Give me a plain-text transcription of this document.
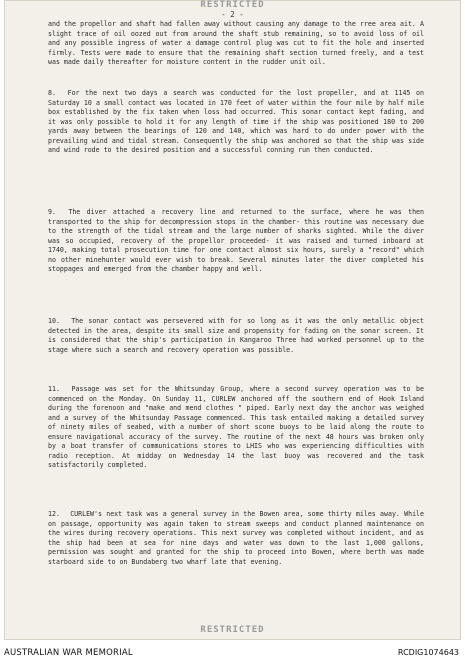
RESTRICTED
- 2 -
and the propellor and shaft had fallen away without causing any damage to the rree area ait. A slight trace of oil oozed out from around the shaft stub remaining, so to avoid loss of oil and any possible ingress of water a damage control plug was cut to fit the hole and inserted firmly. Tests were made to ensure that the remaining shaft section turned freely, and a test was made daily thereafter for moisture content in the rudder unit oil.
8. For the next two days a search was conducted for the lost propeller, and at 1145 on Saturday 10 a small contact was located in 170 feet of water within the four mile by half mile box established by the fix taken when loss had occurred. This sonar contact kept fading, and it was only possible to hold it for any length of time if the ship was positioned 180 to 200 yards away between the bearings of 120 and 140, which was hard to do under power with the prevailing wind and tidal stream. Consequently the ship was anchored so that the ship was side and wind rode to the desired position and a successful conning run then conducted.
9. The diver attached a recovery line and returned to the surface, where he was then transported to the ship for decompression stops in the chamber- this routine was necessary due to the strength of the tidal stream and the large number of sharks sighted. While the diver was so occupied, recovery of the propellor proceeded- it was raised and turned inboard at 1740, making total prosecution time for one contact almost six hours, surely a "record" which no other minehunter would ever wish to break. Several minutes later the diver completed his stoppages and emerged from the chamber happy and well.
10. The sonar contact was persevered with for so long as it was the only metallic object detected in the area, despite its small size and propensity for fading on the sonar screen. It is considered that the ship's participation in Kangaroo Three had worked personnel up to the stage where such a search and recovery operation was possible.
11. Passage was set for the Whitsunday Group, where a second survey operation was to be commenced on the Monday. On Sunday 11, CURLEW anchored off the southern end of Hook Island during the forenoon and "make and mend clothes " piped. Early next day the anchor was weighed and a survey of the Whitsunday Passage commenced. This task entailed making a detailed survey of ninety miles of seabed, with a number of short scone buoys to be laid along the route to ensure navigational accuracy of the survey. The routine of the next 48 hours was broken only by a boat transfer of communications stores to LHIS who was experiencing difficulties with radio reception. At midday on Wednesday 14 the last buoy was recovered and the task satisfactorily completed.
12. CURLEW's next task was a general survey in the Bowen area, some thirty miles away. While on passage, opportunity was again taken to stream sweeps and conduct planned maintenance on the wires during recovery operations. This next survey was completed without incident, and as the ship had been at sea for nine days and water was down to the last 1,000 gallons, permission was sought and granted for the ship to proceed into Bowen, where berth was made starboard side to on Bundaberg two wharf late that evening.
RESTRICTED
AUSTRALIAN WAR MEMORIAL	RCDIG1074643
